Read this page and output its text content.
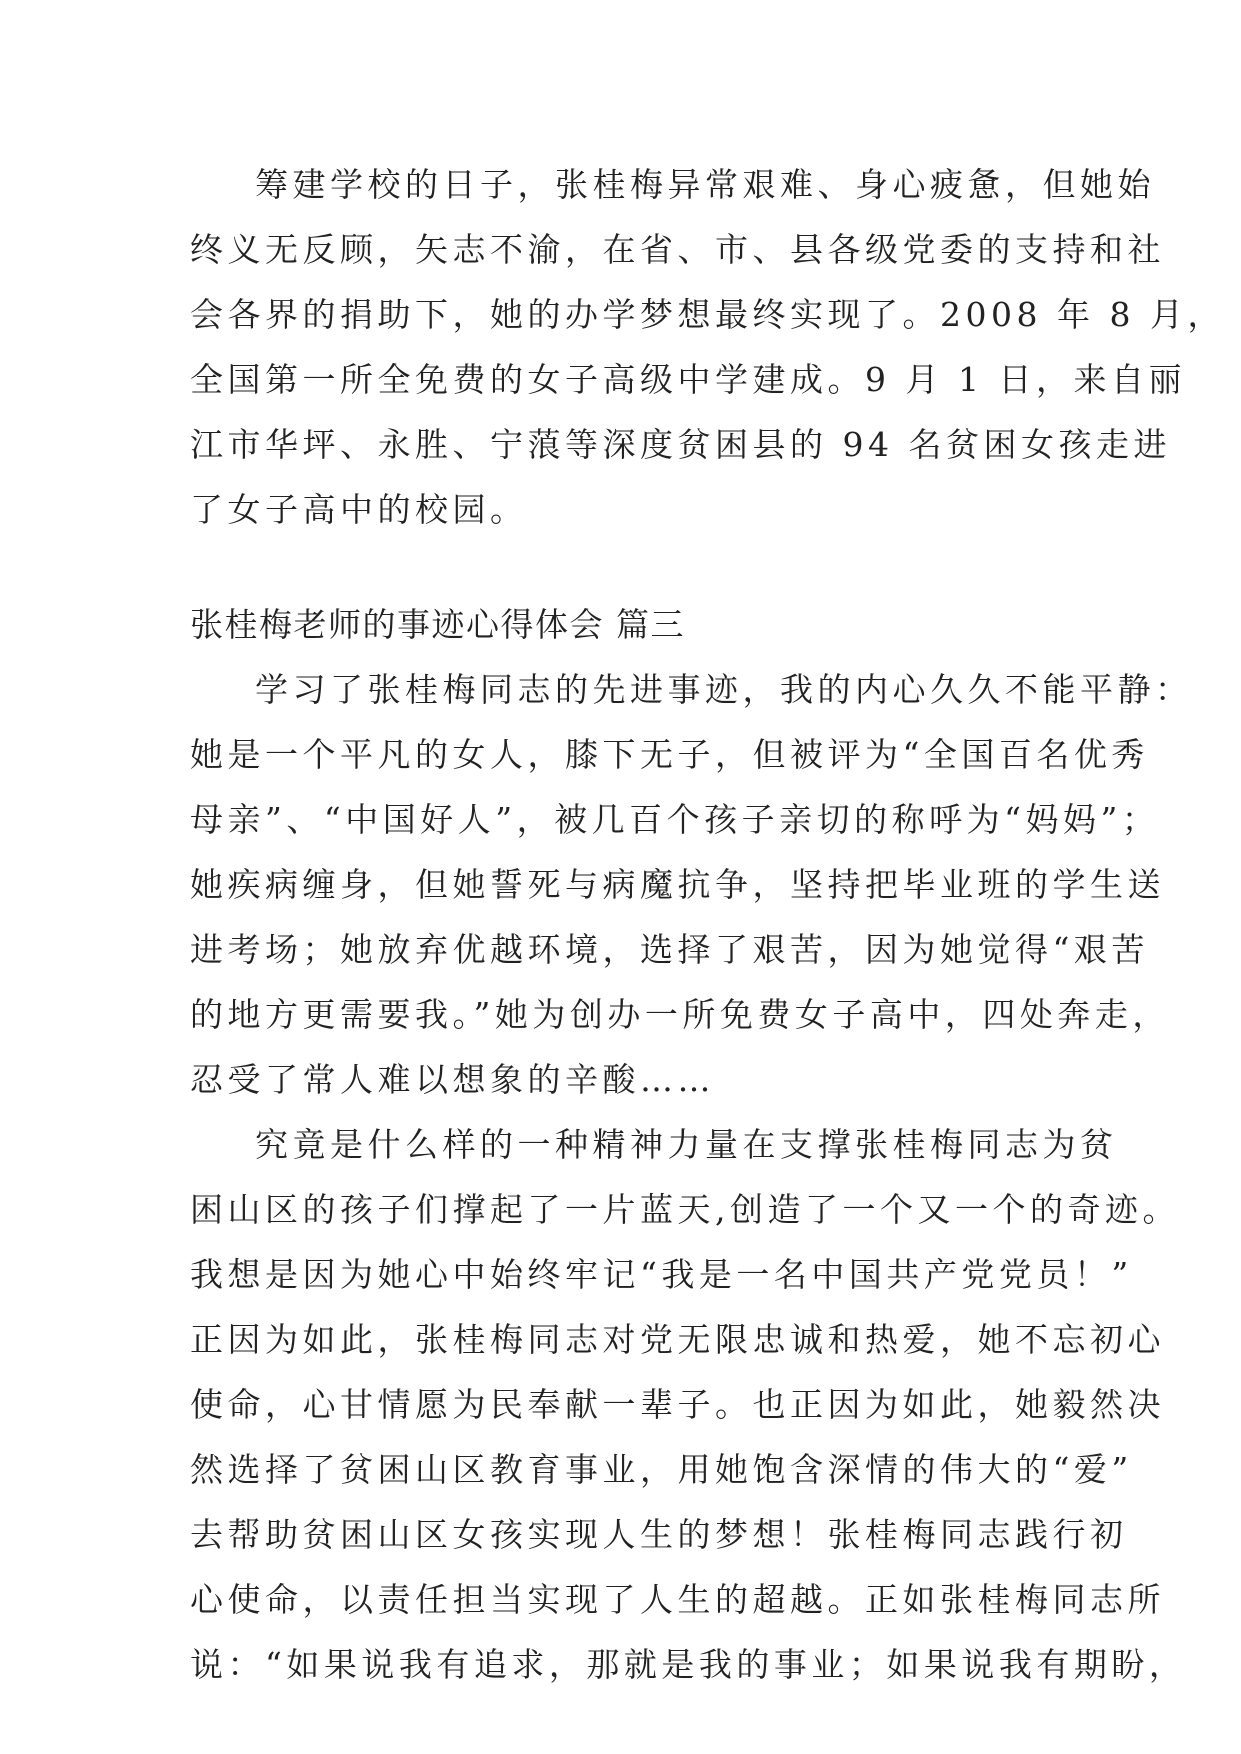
筹建学校的日子，张桂梅异常艰难、身心疲惫，但她始
终义无反顾，矢志不渝，在省、市、县各级党委的支持和社
会各界的捐助下，她的办学梦想最终实现了。2008 年 8 月，
全国第一所全免费的女子高级中学建成。9 月 1 日，来自丽
江市华坪、永胜、宁蒗等深度贫困县的 94 名贫困女孩走进
了女子高中的校园。
张桂梅老师的事迹心得体会 篇三
学习了张桂梅同志的先进事迹，我的内心久久不能平静：
她是一个平凡的女人，膝下无子，但被评为“全国百名优秀
母亲”、“中国好人”，被几百个孩子亲切的称呼为“妈妈”；
她疾病缠身，但她誓死与病魔抗争，坚持把毕业班的学生送
进考场；她放弃优越环境，选择了艰苦，因为她觉得“艰苦
的地方更需要我。”她为创办一所免费女子高中，四处奔走，
忍受了常人难以想象的辛酸……
究竟是什么样的一种精神力量在支撑张桂梅同志为贫
困山区的孩子们撑起了一片蓝天,创造了一个又一个的奇迹。
我想是因为她心中始终牢记“我是一名中国共产党党员！”
正因为如此，张桂梅同志对党无限忠诚和热爱，她不忘初心
使命，心甘情愿为民奉献一辈子。也正因为如此，她毅然决
然选择了贫困山区教育事业，用她饱含深情的伟大的“爱”
去帮助贫困山区女孩实现人生的梦想！张桂梅同志践行初
心使命，以责任担当实现了人生的超越。正如张桂梅同志所
说：“如果说我有追求，那就是我的事业；如果说我有期盼，
